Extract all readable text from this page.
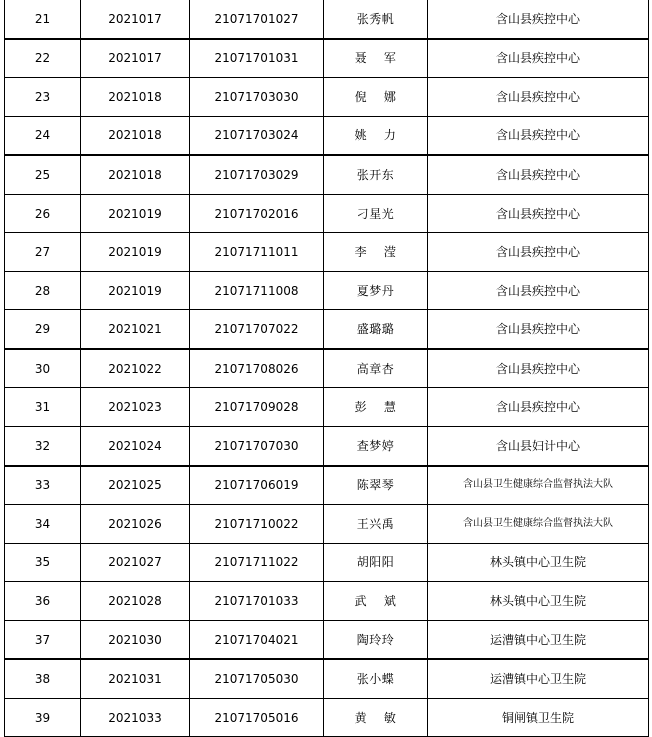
21	2021017	21071701027	张秀帆	含山县疾控中心
22	2021017	21071701031	聂　 军	含山县疾控中心
23	2021018	21071703030	倪　 娜	含山县疾控中心
24	2021018	21071703024	姚　 力	含山县疾控中心
25	2021018	21071703029	张开东	含山县疾控中心
26	2021019	21071702016	刁星光	含山县疾控中心
27	2021019	21071711011	李　 滢	含山县疾控中心
28	2021019	21071711008	夏梦丹	含山县疾控中心
29	2021021	21071707022	盛璐璐	含山县疾控中心
30	2021022	21071708026	高章杏	含山县疾控中心
31	2021023	21071709028	彭　 慧	含山县疾控中心
32	2021024	21071707030	查梦婷	含山县妇计中心
33	2021025	21071706019	陈翠琴	含山县卫生健康综合监督执法大队
34	2021026	21071710022	王兴禹	含山县卫生健康综合监督执法大队
35	2021027	21071711022	胡阳阳	林头镇中心卫生院
36	2021028	21071701033	武　 斌	林头镇中心卫生院
37	2021030	21071704021	陶玲玲	运漕镇中心卫生院
38	2021031	21071705030	张小蝶	运漕镇中心卫生院
39	2021033	21071705016	黄　 敏	铜闸镇卫生院
